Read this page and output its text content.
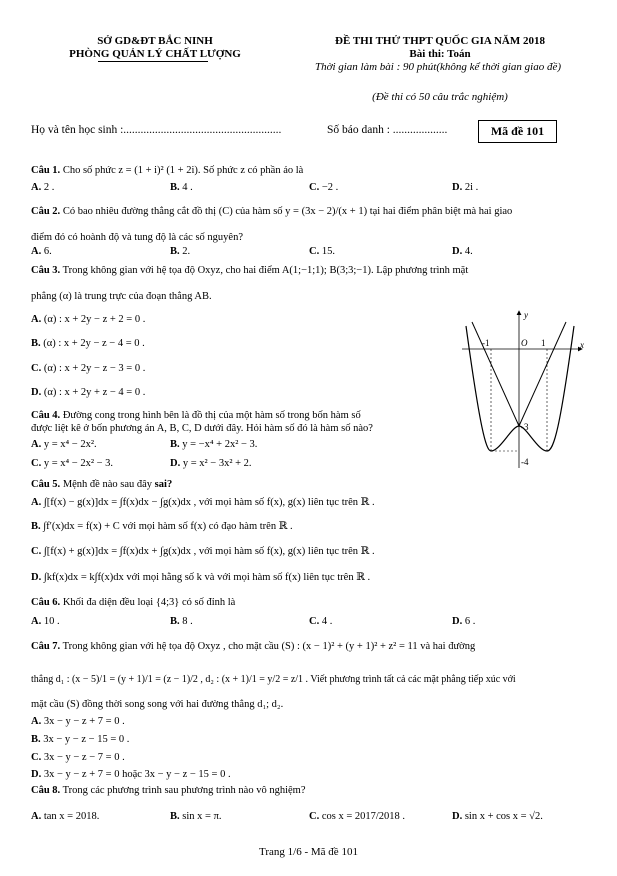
SỞ GD&ĐT BẮC NINH
PHÒNG QUẢN LÝ CHẤT LƯỢNG
ĐỀ THI THỬ THPT QUỐC GIA NĂM 2018
Bài thi: Toán
Thời gian làm bài : 90 phút(không kể thời gian giao đề)
(Đề thi có 50 câu trắc nghiệm)
Họ và tên học sinh :.......................................................	Số báo danh : ...................	Mã đề 101
Câu 1. Cho số phức z = (1 + i)² (1 + 2i). Số phức z có phần ảo là
A. 2 .	B. 4 .	C. −2 .	D. 2i .
Câu 2. Có bao nhiêu đường thẳng cắt đồ thị (C) của hàm số y = (3x − 2)/(x + 1) tại hai điểm phân biệt mà hai giao
điểm đó có hoành độ và tung độ là các số nguyên?
A. 6.	B. 2.	C. 15.	D. 4.
Câu 3. Trong không gian với hệ tọa độ Oxyz, cho hai điểm A(1;−1;1); B(3;3;−1). Lập phương trình mặt
phẳng (α) là trung trực của đoạn thẳng AB.
A. (α) : x + 2y − z + 2 = 0 .
B. (α) : x + 2y − z − 4 = 0 .
C. (α) : x + 2y − z − 3 = 0 .
D. (α) : x + 2y + z − 4 = 0 .
y
x
O
-1	1
-3
-4
Câu 4. Đường cong trong hình bên là đồ thị của một hàm số trong bốn hàm số
được liệt kê ở bốn phương án A, B, C, D dưới đây. Hỏi hàm số đó là hàm số nào?
A. y = x⁴ − 2x².	B. y = −x⁴ + 2x² − 3.
C. y = x⁴ − 2x² − 3.	D. y = x² − 3x² + 2.
Câu 5. Mệnh đề nào sau đây sai?
A. ∫[f(x) − g(x)]dx = ∫f(x)dx − ∫g(x)dx , với mọi hàm số f(x), g(x) liên tục trên ℝ .
B. ∫f′(x)dx = f(x) + C với mọi hàm số f(x) có đạo hàm trên ℝ .
C. ∫[f(x) + g(x)]dx = ∫f(x)dx + ∫g(x)dx , với mọi hàm số f(x), g(x) liên tục trên ℝ .
D. ∫kf(x)dx = k∫f(x)dx với mọi hằng số k và với mọi hàm số f(x) liên tục trên ℝ .
Câu 6. Khối đa diện đều loại {4;3} có số đỉnh là
A. 10 .	B. 8 .	C. 4 .	D. 6 .
Câu 7. Trong không gian với hệ tọa độ Oxyz , cho mặt cầu (S) : (x − 1)² + (y + 1)² + z² = 11 và hai đường
thẳng d₁ : (x − 5)/1 = (y + 1)/1 = (z − 1)/2 , d₂ : (x + 1)/1 = y/2 = z/1 . Viết phương trình tất cả các mặt phẳng tiếp xúc với
mặt cầu (S) đồng thời song song với hai đường thẳng d₁; d₂.
A. 3x − y − z + 7 = 0 .
B. 3x − y − z − 15 = 0 .
C. 3x − y − z − 7 = 0 .
D. 3x − y − z + 7 = 0 hoặc 3x − y − z − 15 = 0 .
Câu 8. Trong các phương trình sau phương trình nào vô nghiệm?
A. tan x = 2018.	B. sin x = π.	C. cos x = 2017/2018 .	D. sin x + cos x = √2.
Trang 1/6 - Mã đề 101
